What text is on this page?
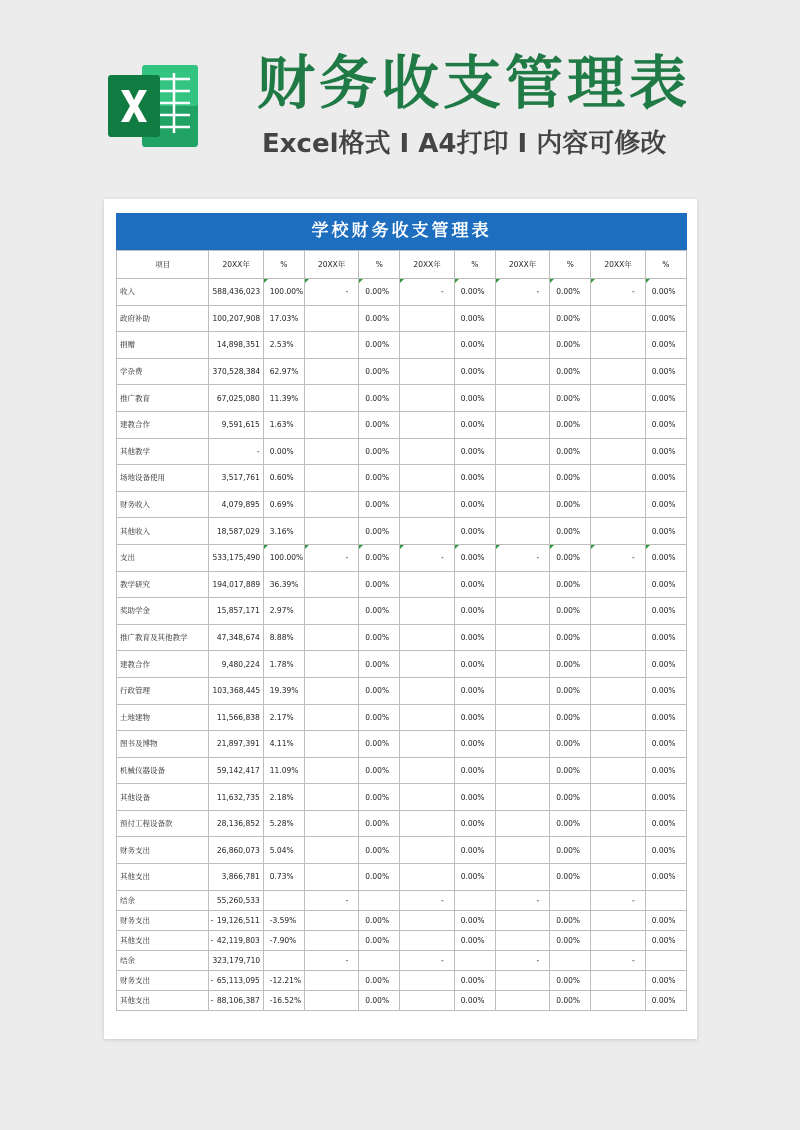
财务收支管理表
Excel格式 I A4打印 I 内容可修改
学校财务收支管理表
项目	20XX年	%	20XX年	%	20XX年	%	20XX年	%	20XX年	%
收入	588,436,023	100.00%	-	0.00%	-	0.00%	-	0.00%	-	0.00%
政府补助	100,207,908	17.03%		0.00%		0.00%		0.00%		0.00%
捐赠	14,898,351	2.53%		0.00%		0.00%		0.00%		0.00%
学杂费	370,528,384	62.97%		0.00%		0.00%		0.00%		0.00%
推广教育	67,025,080	11.39%		0.00%		0.00%		0.00%		0.00%
建教合作	9,591,615	1.63%		0.00%		0.00%		0.00%		0.00%
其他教学	-	0.00%		0.00%		0.00%		0.00%		0.00%
场地设备使用	3,517,761	0.60%		0.00%		0.00%		0.00%		0.00%
财务收入	4,079,895	0.69%		0.00%		0.00%		0.00%		0.00%
其他收入	18,587,029	3.16%		0.00%		0.00%		0.00%		0.00%
支出	533,175,490	100.00%	-	0.00%	-	0.00%	-	0.00%	-	0.00%
教学研究	194,017,889	36.39%		0.00%		0.00%		0.00%		0.00%
奖助学金	15,857,171	2.97%		0.00%		0.00%		0.00%		0.00%
推广教育及其他教学	47,348,674	8.88%		0.00%		0.00%		0.00%		0.00%
建教合作	9,480,224	1.78%		0.00%		0.00%		0.00%		0.00%
行政管理	103,368,445	19.39%		0.00%		0.00%		0.00%		0.00%
土地建物	11,566,838	2.17%		0.00%		0.00%		0.00%		0.00%
图书及博物	21,897,391	4.11%		0.00%		0.00%		0.00%		0.00%
机械仪器设备	59,142,417	11.09%		0.00%		0.00%		0.00%		0.00%
其他设备	11,632,735	2.18%		0.00%		0.00%		0.00%		0.00%
预付工程设备款	28,136,852	5.28%		0.00%		0.00%		0.00%		0.00%
财务支出	26,860,073	5.04%		0.00%		0.00%		0.00%		0.00%
其他支出	3,866,781	0.73%		0.00%		0.00%		0.00%		0.00%
结余	55,260,533		-		-		-		-	
财务支出	- 19,126,511	-3.59%		0.00%		0.00%		0.00%		0.00%
其他支出	- 42,119,803	-7.90%		0.00%		0.00%		0.00%		0.00%
结余	323,179,710		-		-		-		-	
财务支出	- 65,113,095	-12.21%		0.00%		0.00%		0.00%		0.00%
其他支出	- 88,106,387	-16.52%		0.00%		0.00%		0.00%		0.00%
